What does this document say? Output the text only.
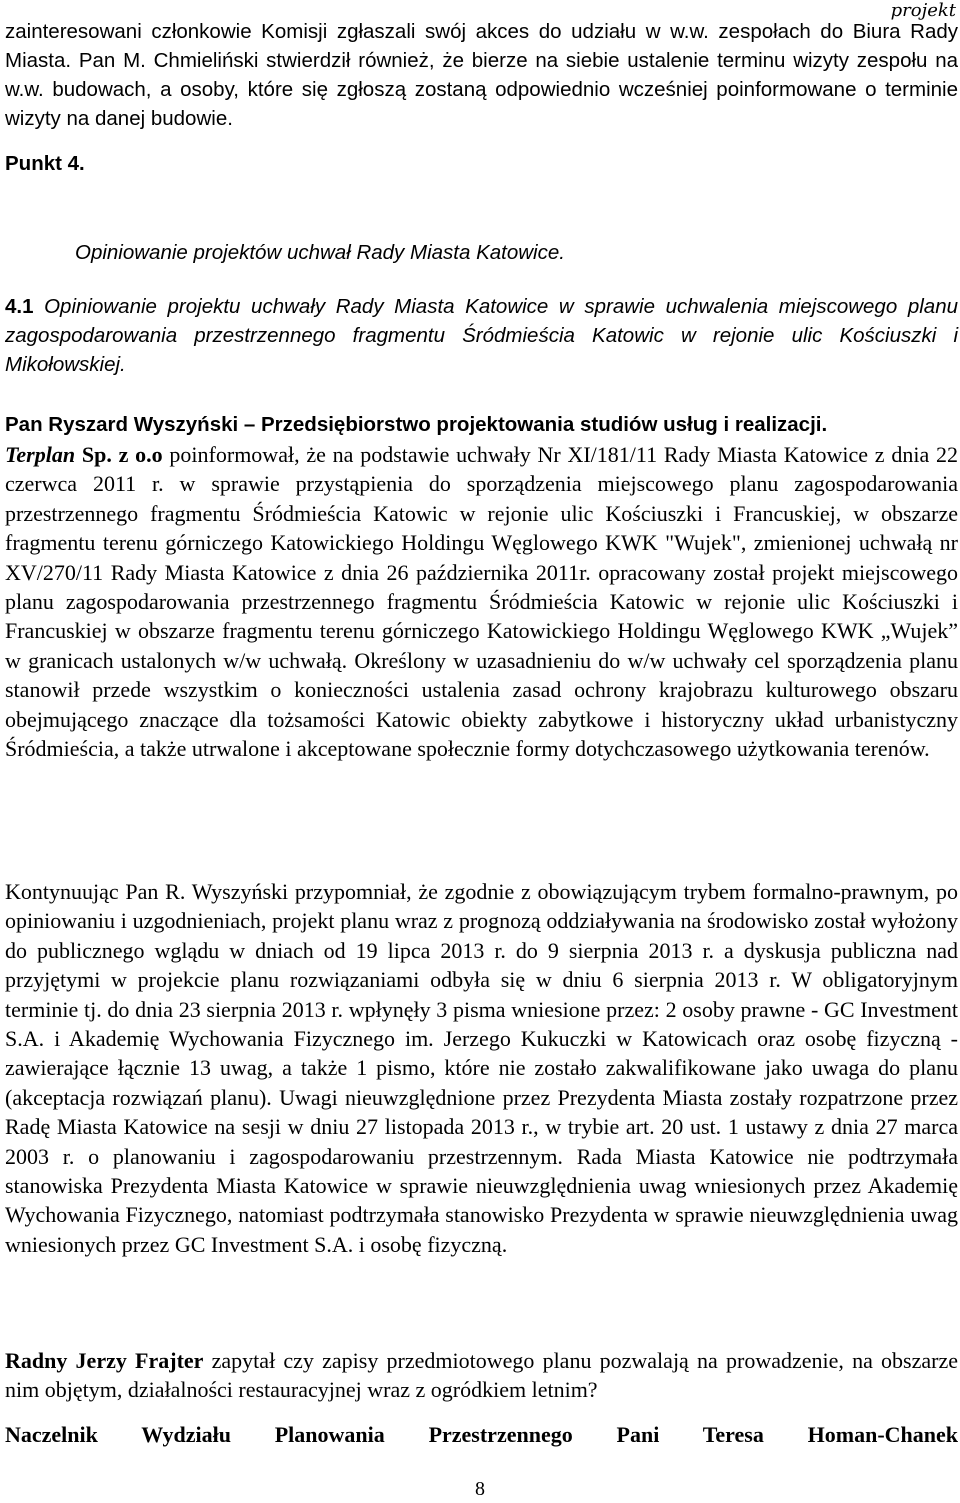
projekt

zainteresowani członkowie Komisji zgłaszali swój akces do udziału w w.w. zespołach do Biura Rady Miasta. Pan M. Chmieliński stwierdził również, że bierze na siebie ustalenie terminu wizyty zespołu na w.w. budowach, a osoby, które się zgłoszą zostaną odpowiednio wcześniej poinformowane o terminie wizyty na danej budowie.

Punkt 4.

Opiniowanie projektów uchwał Rady Miasta Katowice.

4.1 Opiniowanie projektu uchwały Rady Miasta Katowice w sprawie uchwalenia miejscowego planu zagospodarowania przestrzennego fragmentu Śródmieścia Katowic w rejonie ulic Kościuszki i Mikołowskiej.

Pan Ryszard Wyszyński – Przedsiębiorstwo projektowania studiów usług i realizacji.

Terplan Sp. z o.o poinformował, że na podstawie uchwały Nr XI/181/11 Rady Miasta Katowice z dnia 22 czerwca 2011 r. w sprawie przystąpienia do sporządzenia miejscowego planu zagospodarowania przestrzennego fragmentu Śródmieścia Katowic w rejonie ulic Kościuszki i Francuskiej, w obszarze fragmentu terenu górniczego Katowickiego Holdingu Węglowego KWK "Wujek", zmienionej uchwałą nr XV/270/11 Rady Miasta Katowice z dnia 26 października 2011r. opracowany został projekt miejscowego planu zagospodarowania przestrzennego fragmentu Śródmieścia Katowic w rejonie ulic Kościuszki i Francuskiej w obszarze fragmentu terenu górniczego Katowickiego Holdingu Węglowego KWK „Wujek” w granicach ustalonych w/w uchwałą. Określony w uzasadnieniu do w/w uchwały cel sporządzenia planu stanowił przede wszystkim o konieczności ustalenia zasad ochrony krajobrazu kulturowego obszaru obejmującego znaczące dla tożsamości Katowic obiekty zabytkowe i historyczny układ urbanistyczny Śródmieścia, a także utrwalone i akceptowane społecznie formy dotychczasowego użytkowania terenów.

Kontynuując Pan R. Wyszyński przypomniał, że zgodnie z obowiązującym trybem formalno-prawnym, po opiniowaniu i uzgodnieniach, projekt planu wraz z prognozą oddziaływania na środowisko został wyłożony do publicznego wglądu w dniach od 19 lipca 2013 r. do 9 sierpnia 2013 r. a dyskusja publiczna nad przyjętymi w projekcie planu rozwiązaniami odbyła się w dniu 6 sierpnia 2013 r. W obligatoryjnym terminie tj. do dnia 23 sierpnia 2013 r. wpłynęły 3 pisma wniesione przez: 2 osoby prawne - GC Investment S.A. i Akademię Wychowania Fizycznego im. Jerzego Kukuczki w Katowicach oraz osobę fizyczną - zawierające łącznie 13 uwag, a także 1 pismo, które nie zostało zakwalifikowane jako uwaga do planu (akceptacja rozwiązań planu). Uwagi nieuwzględnione przez Prezydenta Miasta zostały rozpatrzone przez Radę Miasta Katowice na sesji w dniu 27 listopada 2013 r., w trybie art. 20 ust. 1 ustawy z dnia 27 marca 2003 r. o planowaniu i zagospodarowaniu przestrzennym. Rada Miasta Katowice nie podtrzymała stanowiska Prezydenta Miasta Katowice w sprawie nieuwzględnienia uwag wniesionych przez Akademię Wychowania Fizycznego, natomiast podtrzymała stanowisko Prezydenta w sprawie nieuwzględnienia uwag wniesionych przez GC Investment S.A. i osobę fizyczną.

Radny Jerzy Frajter zapytał czy zapisy przedmiotowego planu pozwalają na prowadzenie, na obszarze nim objętym, działalności restauracyjnej wraz z ogródkiem letnim?

Naczelnik Wydziału Planowania Przestrzennego Pani Teresa Homan-Chanek

8
